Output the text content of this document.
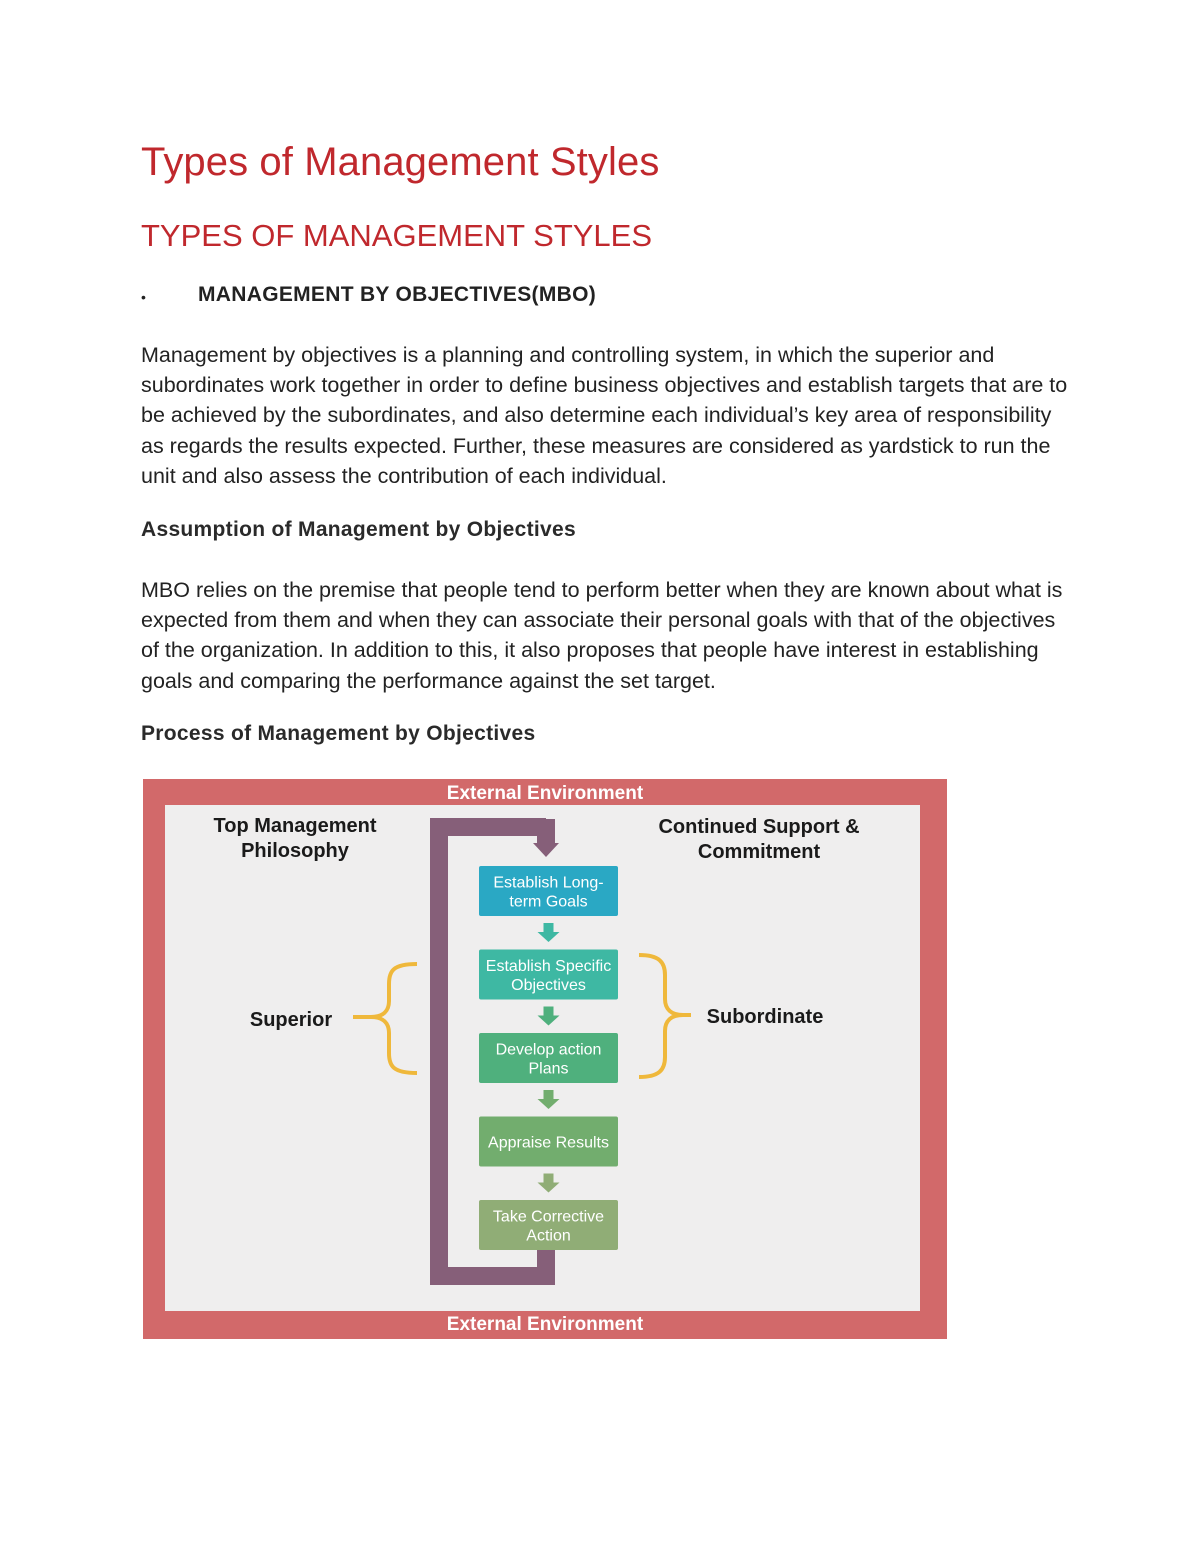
Types of Management Styles
TYPES OF MANAGEMENT STYLES
• MANAGEMENT BY OBJECTIVES(MBO)

Management by objectives is a planning and controlling system, in which the superior and subordinates work together in order to define business objectives and establish targets that are to be achieved by the subordinates, and also determine each individual’s key area of responsibility as regards the results expected. Further, these measures are considered as yardstick to run the unit and also assess the contribution of each individual.

Assumption of Management by Objectives

MBO relies on the premise that people tend to perform better when they are known about what is expected from them and when they can associate their personal goals with that of the objectives of the organization. In addition to this, it also proposes that people have interest in establishing goals and comparing the performance against the set target.

Process of Management by Objectives
External Environment
External Environment
Top Management
Philosophy
Continued Support &
Commitment
Superior	Subordinate
Establish Long-
term Goals
Establish Specific
Objectives
Develop action
Plans
Appraise Results
Take Corrective
Action
